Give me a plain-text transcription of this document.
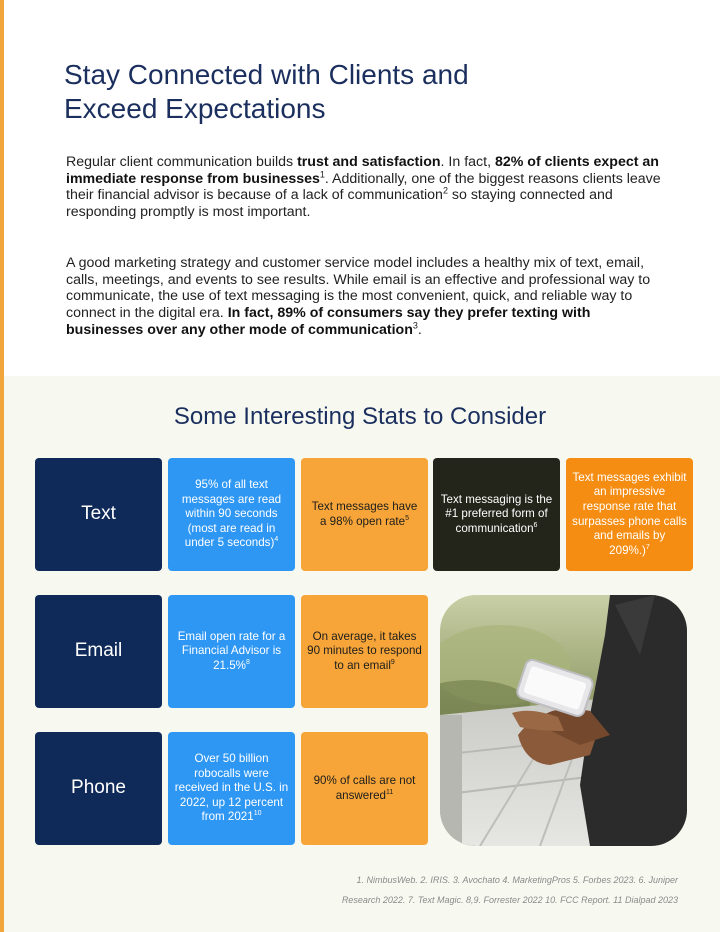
Stay Connected with Clients and
Exceed Expectations

Regular client communication builds trust and satisfaction. In fact, 82% of clients expect an immediate response from businesses$^1$. Additionally, one of the biggest reasons clients leave their financial advisor is because of a lack of communication$^2$ so staying connected and responding promptly is most important.

A good marketing strategy and customer service model includes a healthy mix of text, email, calls, meetings, and events to see results. While email is an effective and professional way to communicate, the use of text messaging is the most convenient, quick, and reliable way to connect in the digital era. In fact, 89% of consumers say they prefer texting with businesses over any other mode of communication$^3$.

Some Interesting Stats to Consider
Text
95% of all text messages are read within 90 seconds (most are read in under 5 seconds)$^4$
Text messages have a 98% open rate$^5$
Text messaging is the #1 preferred form of communication$^6$
Text messages exhibit an impressive response rate that surpasses phone calls and emails by 209%.)$^7$
Email
Email open rate for a Financial Advisor is 21.5%$^8$
On average, it takes 90 minutes to respond to an email$^9$
Phone
Over 50 billion robocalls were received in the U.S. in 2022, up 12 percent from 2021$^{10}$
90% of calls are not answered$^{11}$

1. NimbusWeb. 2. IRIS. 3. Avochato 4. MarketingPros 5. Forbes 2023. 6. Juniper
Research 2022. 7. Text Magic. 8,9. Forrester 2022 10. FCC Report. 11 Dialpad 2023
